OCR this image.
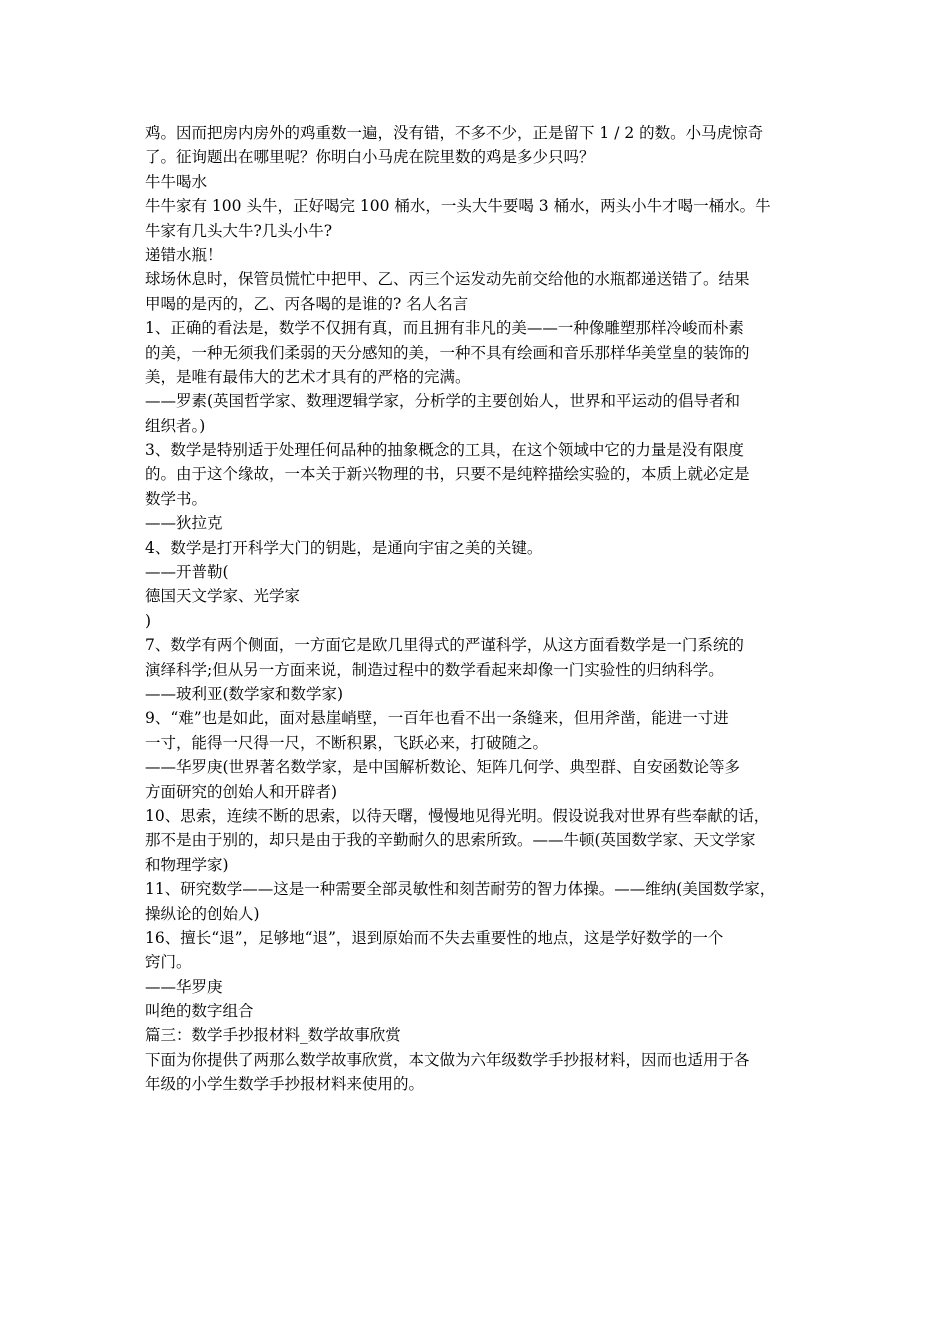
鸡。因而把房内房外的鸡重数一遍，没有错，不多不少，正是留下 1 / 2 的数。小马虎惊奇
了。征询题出在哪里呢？你明白小马虎在院里数的鸡是多少只吗？
牛牛喝水
牛牛家有 100 头牛，正好喝完 100 桶水，一头大牛要喝 3 桶水，两头小牛才喝一桶水。牛
牛家有几头大牛?几头小牛?
递错水瓶！
球场休息时，保管员慌忙中把甲、乙、丙三个运发动先前交给他的水瓶都递送错了。结果
甲喝的是丙的，乙、丙各喝的是谁的? 名人名言
1、正确的看法是，数学不仅拥有真，而且拥有非凡的美——一种像雕塑那样冷峻而朴素
的美，一种无须我们柔弱的天分感知的美，一种不具有绘画和音乐那样华美堂皇的装饰的
美，是唯有最伟大的艺术才具有的严格的完满。
——罗素(英国哲学家、数理逻辑学家，分析学的主要创始人，世界和平运动的倡导者和
组织者。)
3、数学是特别适于处理任何品种的抽象概念的工具，在这个领域中它的力量是没有限度
的。由于这个缘故，一本关于新兴物理的书，只要不是纯粹描绘实验的，本质上就必定是
数学书。
——狄拉克
4、数学是打开科学大门的钥匙，是通向宇宙之美的关键。
——开普勒(
德国天文学家、光学家
)
7、数学有两个侧面，一方面它是欧几里得式的严谨科学，从这方面看数学是一门系统的
演绎科学;但从另一方面来说，制造过程中的数学看起来却像一门实验性的归纳科学。
——玻利亚(数学家和数学家)
9、“难”也是如此，面对悬崖峭壁，一百年也看不出一条缝来，但用斧凿，能进一寸进
一寸，能得一尺得一尺，不断积累，飞跃必来，打破随之。
——华罗庚(世界著名数学家，是中国解析数论、矩阵几何学、典型群、自安函数论等多
方面研究的创始人和开辟者)
10、思索，连续不断的思索，以待天曙，慢慢地见得光明。假设说我对世界有些奉献的话，
那不是由于别的，却只是由于我的辛勤耐久的思索所致。——牛顿(英国数学家、天文学家
和物理学家)
11、研究数学——这是一种需要全部灵敏性和刻苦耐劳的智力体操。——维纳(美国数学家，
操纵论的创始人)
16、擅长“退”，足够地“退”，退到原始而不失去重要性的地点，这是学好数学的一个
窍门。
——华罗庚
叫绝的数字组合
篇三：数学手抄报材料_数学故事欣赏
下面为你提供了两那么数学故事欣赏，本文做为六年级数学手抄报材料，因而也适用于各
年级的小学生数学手抄报材料来使用的。
